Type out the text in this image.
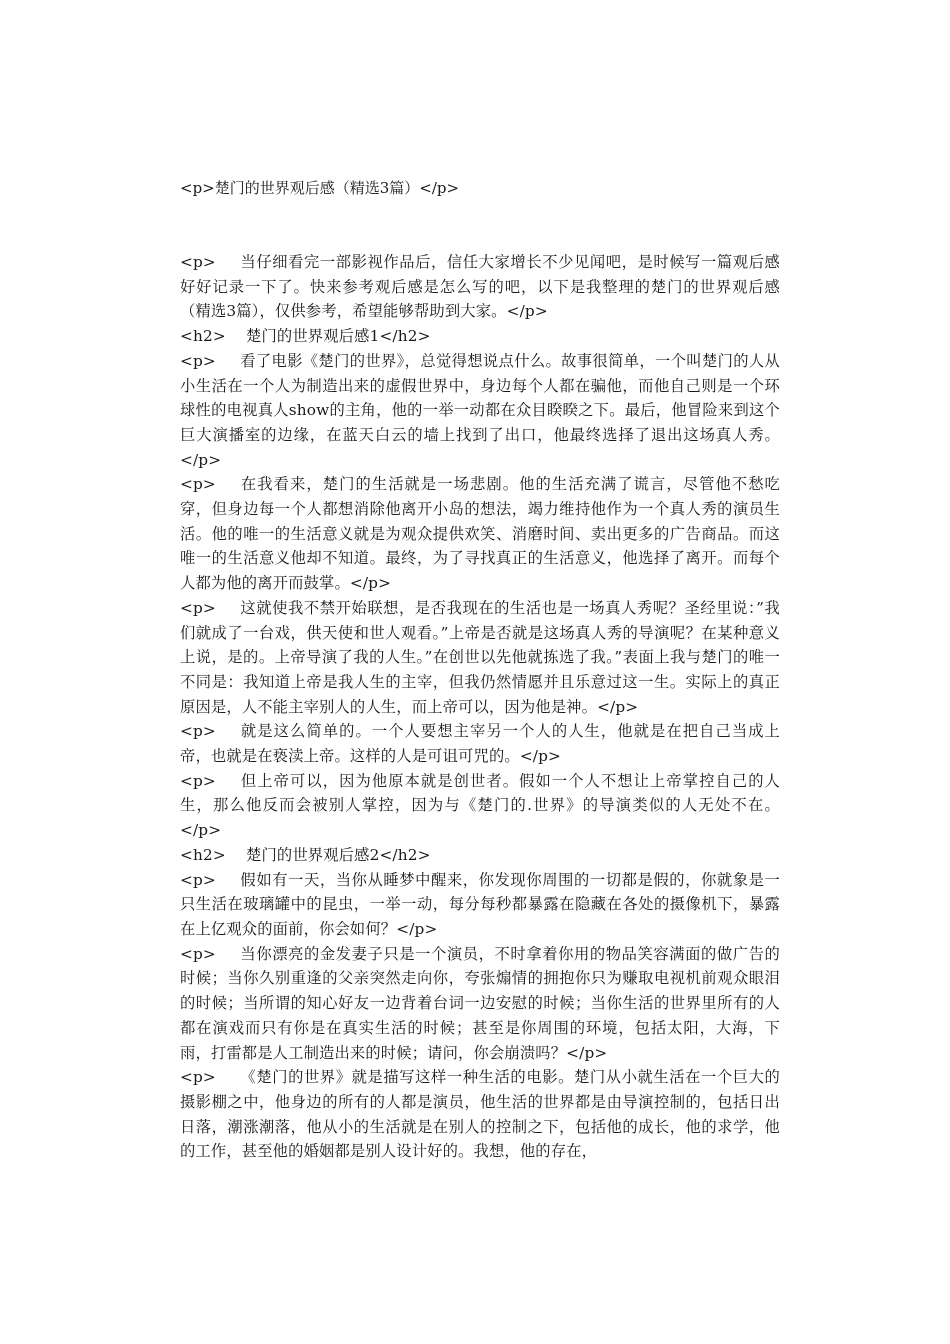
<p>楚门的世界观后感（精选3篇）</p>
<p> 当仔细看完一部影视作品后，信任大家增长不少见闻吧，是时候写一篇观后感好好记录一下了。快来参考观后感是怎么写的吧，以下是我整理的楚门的世界观后感（精选3篇），仅供参考，希望能够帮助到大家。</p>
<h2> 楚门的世界观后感1</h2>
<p> 看了电影《楚门的世界》，总觉得想说点什么。故事很简单，一个叫楚门的人从小生活在一个人为制造出来的虚假世界中，身边每个人都在骗他，而他自己则是一个环球性的电视真人show的主角，他的一举一动都在众目睽睽之下。最后，他冒险来到这个巨大演播室的边缘，在蓝天白云的墙上找到了出口，他最终选择了退出这场真人秀。</p>
<p> 在我看来，楚门的生活就是一场悲剧。他的生活充满了谎言，尽管他不愁吃穿，但身边每一个人都想消除他离开小岛的想法，竭力维持他作为一个真人秀的演员生活。他的唯一的生活意义就是为观众提供欢笑、消磨时间、卖出更多的广告商品。而这唯一的生活意义他却不知道。最终，为了寻找真正的生活意义，他选择了离开。而每个人都为他的离开而鼓掌。</p>
<p> 这就使我不禁开始联想，是否我现在的生活也是一场真人秀呢？圣经里说：”我们就成了一台戏，供天使和世人观看。”上帝是否就是这场真人秀的导演呢？在某种意义上说，是的。上帝导演了我的人生。”在创世以先他就拣选了我。”表面上我与楚门的唯一不同是：我知道上帝是我人生的主宰，但我仍然情愿并且乐意过这一生。实际上的真正原因是，人不能主宰别人的人生，而上帝可以，因为他是神。</p>
<p> 就是这么简单的。一个人要想主宰另一个人的人生，他就是在把自己当成上帝，也就是在亵渎上帝。这样的人是可诅可咒的。</p>
<p> 但上帝可以，因为他原本就是创世者。假如一个人不想让上帝掌控自己的人生，那么他反而会被别人掌控，因为与《楚门的.世界》的导演类似的人无处不在。</p>
<h2> 楚门的世界观后感2</h2>
<p> 假如有一天，当你从睡梦中醒来，你发现你周围的一切都是假的，你就象是一只生活在玻璃罐中的昆虫，一举一动，每分每秒都暴露在隐藏在各处的摄像机下，暴露在上亿观众的面前，你会如何？</p>
<p> 当你漂亮的金发妻子只是一个演员，不时拿着你用的物品笑容满面的做广告的时候；当你久别重逢的父亲突然走向你，夸张煽情的拥抱你只为赚取电视机前观众眼泪的时候；当所谓的知心好友一边背着台词一边安慰的时候；当你生活的世界里所有的人都在演戏而只有你是在真实生活的时候；甚至是你周围的环境，包括太阳，大海，下雨，打雷都是人工制造出来的时候；请问，你会崩溃吗？</p>
<p> 《楚门的世界》就是描写这样一种生活的电影。楚门从小就生活在一个巨大的摄影棚之中，他身边的所有的人都是演员，他生活的世界都是由导演控制的，包括日出日落，潮涨潮落，他从小的生活就是在别人的控制之下，包括他的成长，他的求学，他的工作，甚至他的婚姻都是别人设计好的。我想，他的存在，
